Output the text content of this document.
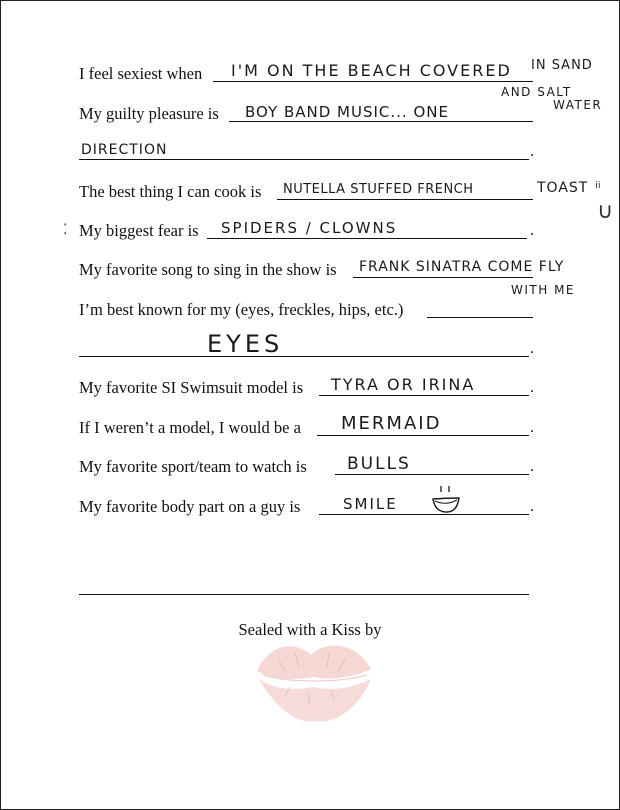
I feel sexiest when I'M ON THE BEACH COVERED IN SAND
AND SALT
WATER
My guilty pleasure is BOY BAND MUSIC... ONE
DIRECTION	.
The best thing I can cook is NUTELLA STUFFED FRENCH	TOAST ᵢᵢ
∪
⁚ My biggest fear is SPIDERS / CLOWNS	.
My favorite song to sing in the show is FRANK SINATRA COME FLY
WITH ME
I’m best known for my (eyes, freckles, hips, etc.)
EYES	.
My favorite SI Swimsuit model is TYRA OR IRINA	.
If I weren’t a model, I would be a MERMAID	.
My favorite sport/team to watch is BULLS	.
My favorite body part on a guy is	SMILE	.
Sealed with a Kiss by
